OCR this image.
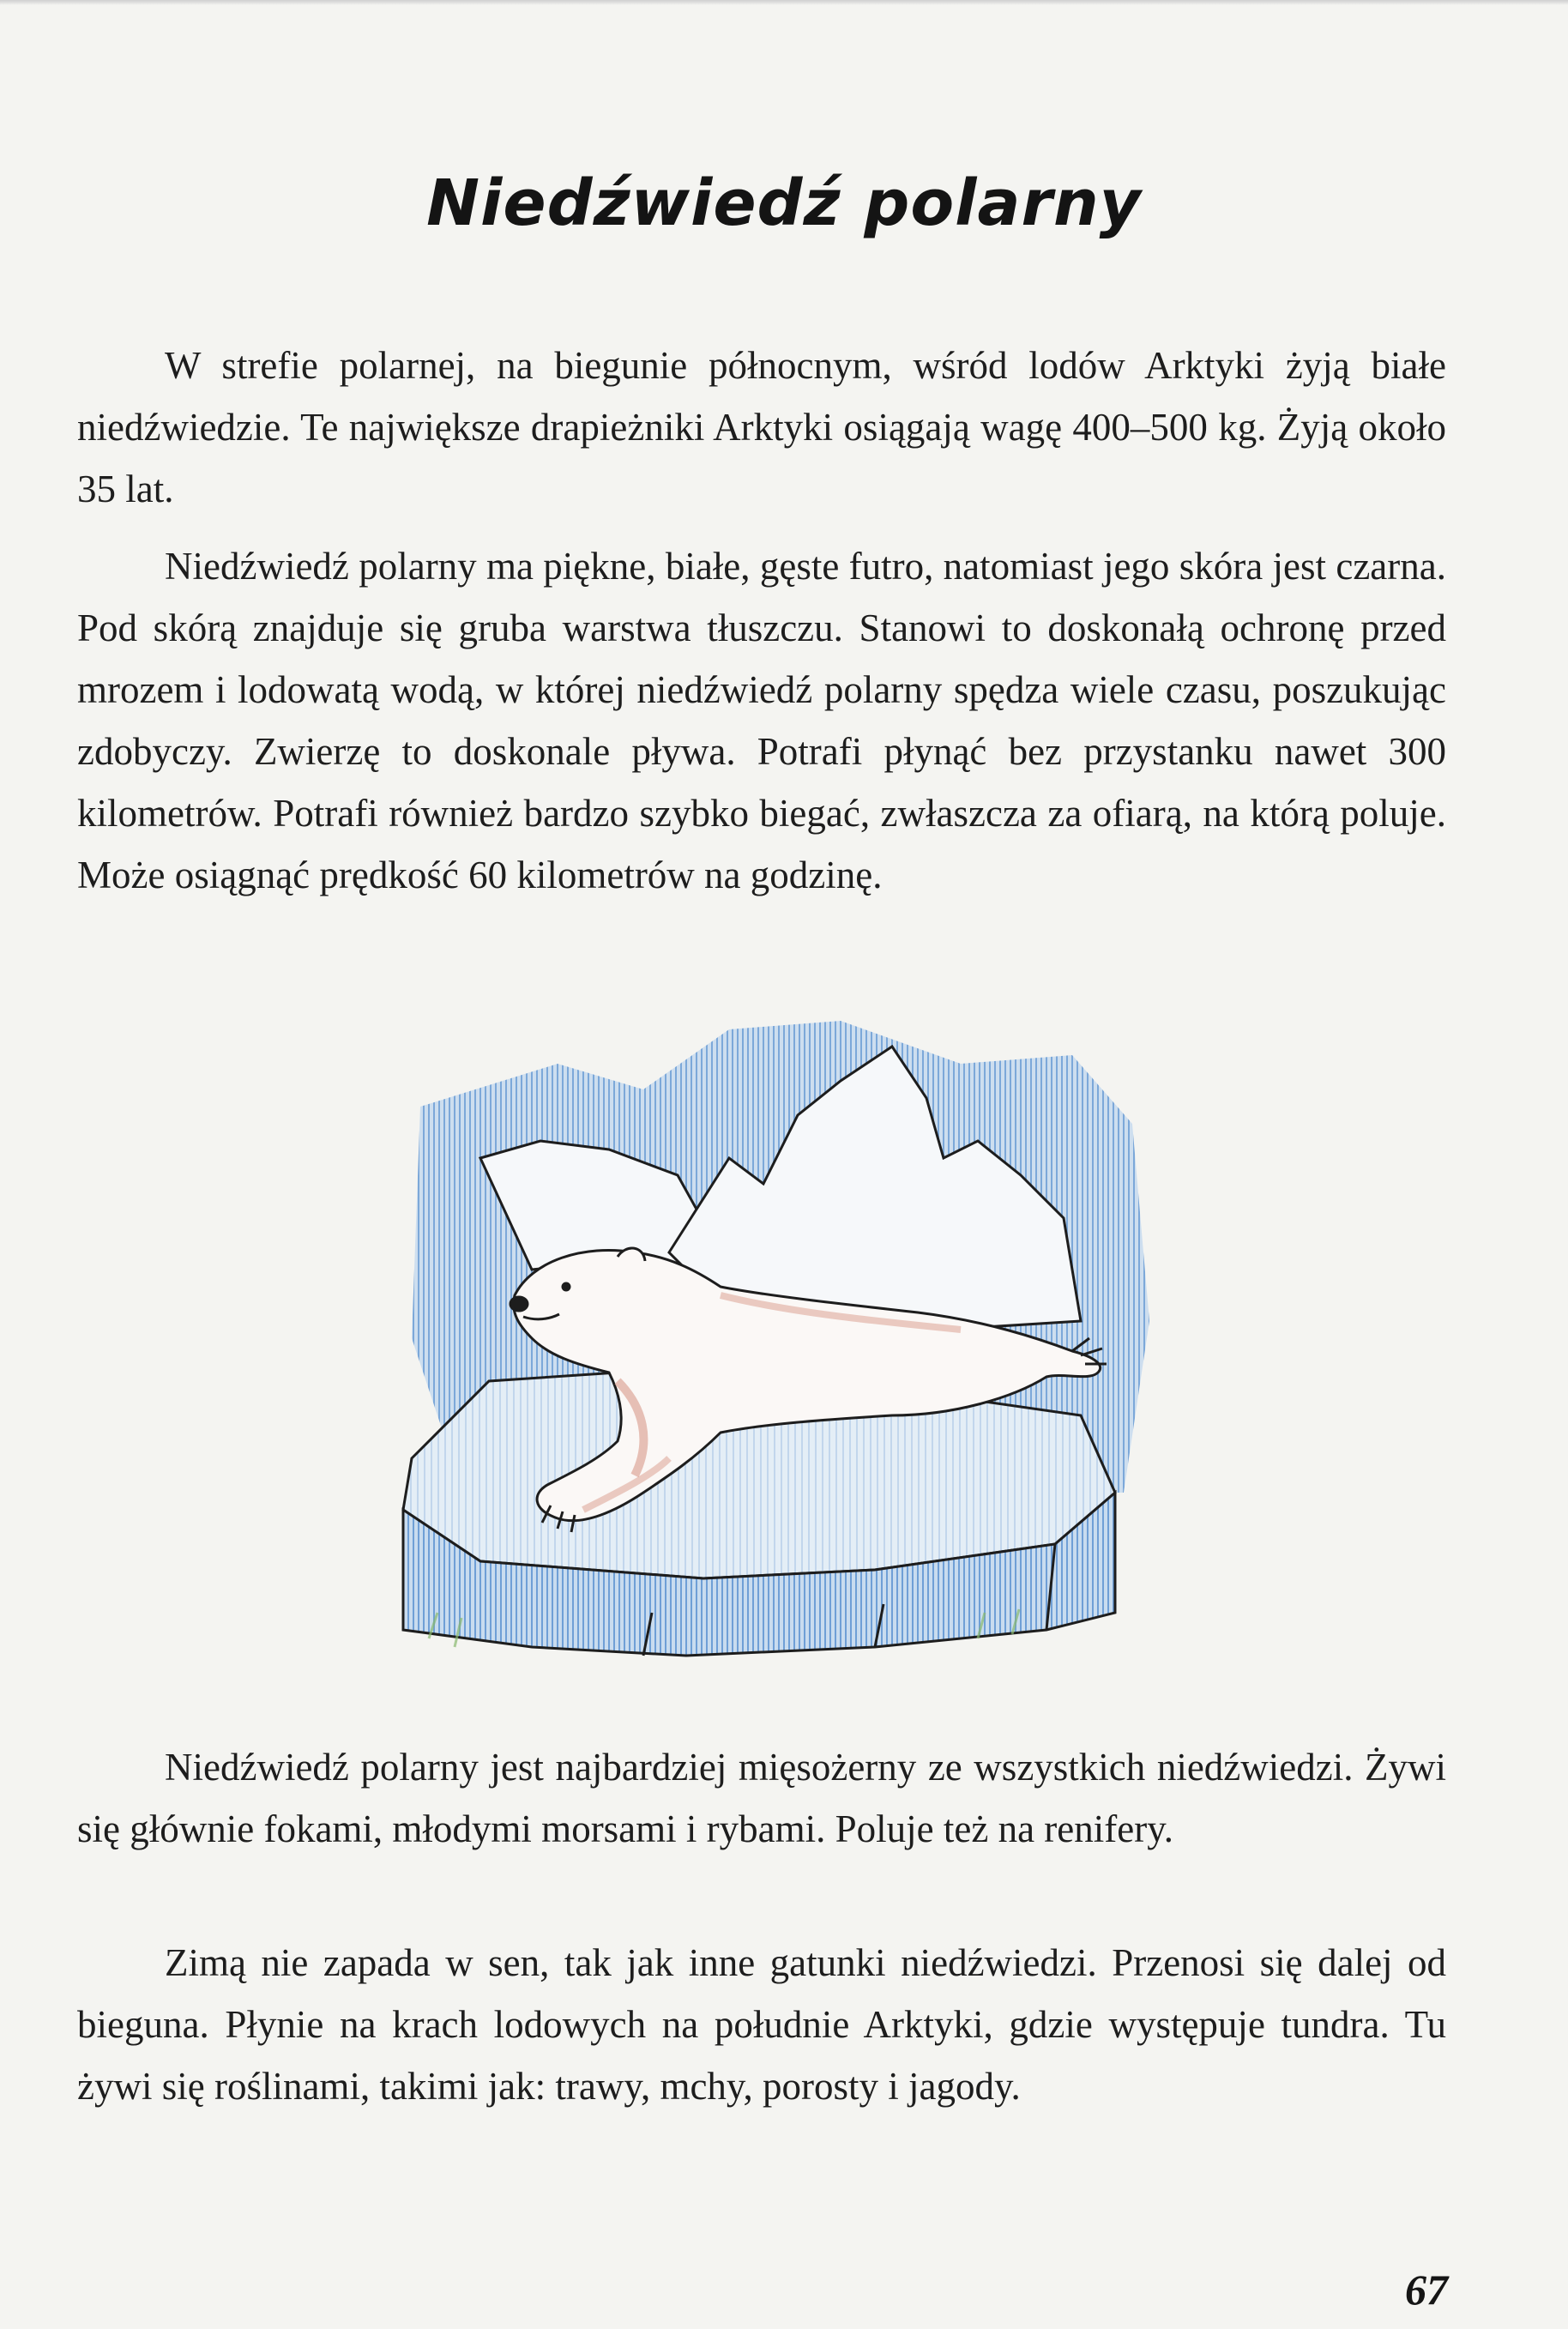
Niedźwiedź polarny

W strefie polarnej, na biegunie północnym, wśród lodów Arktyki żyją białe niedźwiedzie. Te największe drapieżniki Arktyki osiągają wagę 400–500 kg. Żyją około 35 lat.

Niedźwiedź polarny ma piękne, białe, gęste futro, natomiast jego skóra jest czarna. Pod skórą znajduje się gruba warstwa tłuszczu. Stanowi to doskonałą ochronę przed mrozem i lodowatą wodą, w której niedźwiedź polarny spędza wiele czasu, poszukując zdobyczy. Zwierzę to doskonale pływa. Potrafi płynąć bez przystanku nawet 300 kilometrów. Potrafi również bardzo szybko biegać, zwłaszcza za ofiarą, na którą poluje. Może osiągnąć prędkość 60 kilometrów na godzinę.

Niedźwiedź polarny jest najbardziej mięsożerny ze wszystkich niedźwiedzi. Żywi się głównie fokami, młodymi morsami i rybami. Poluje też na renifery.

Zimą nie zapada w sen, tak jak inne gatunki niedźwiedzi. Przenosi się dalej od bieguna. Płynie na krach lodowych na południe Arktyki, gdzie występuje tundra. Tu żywi się roślinami, takimi jak: trawy, mchy, porosty i jagody.

67
